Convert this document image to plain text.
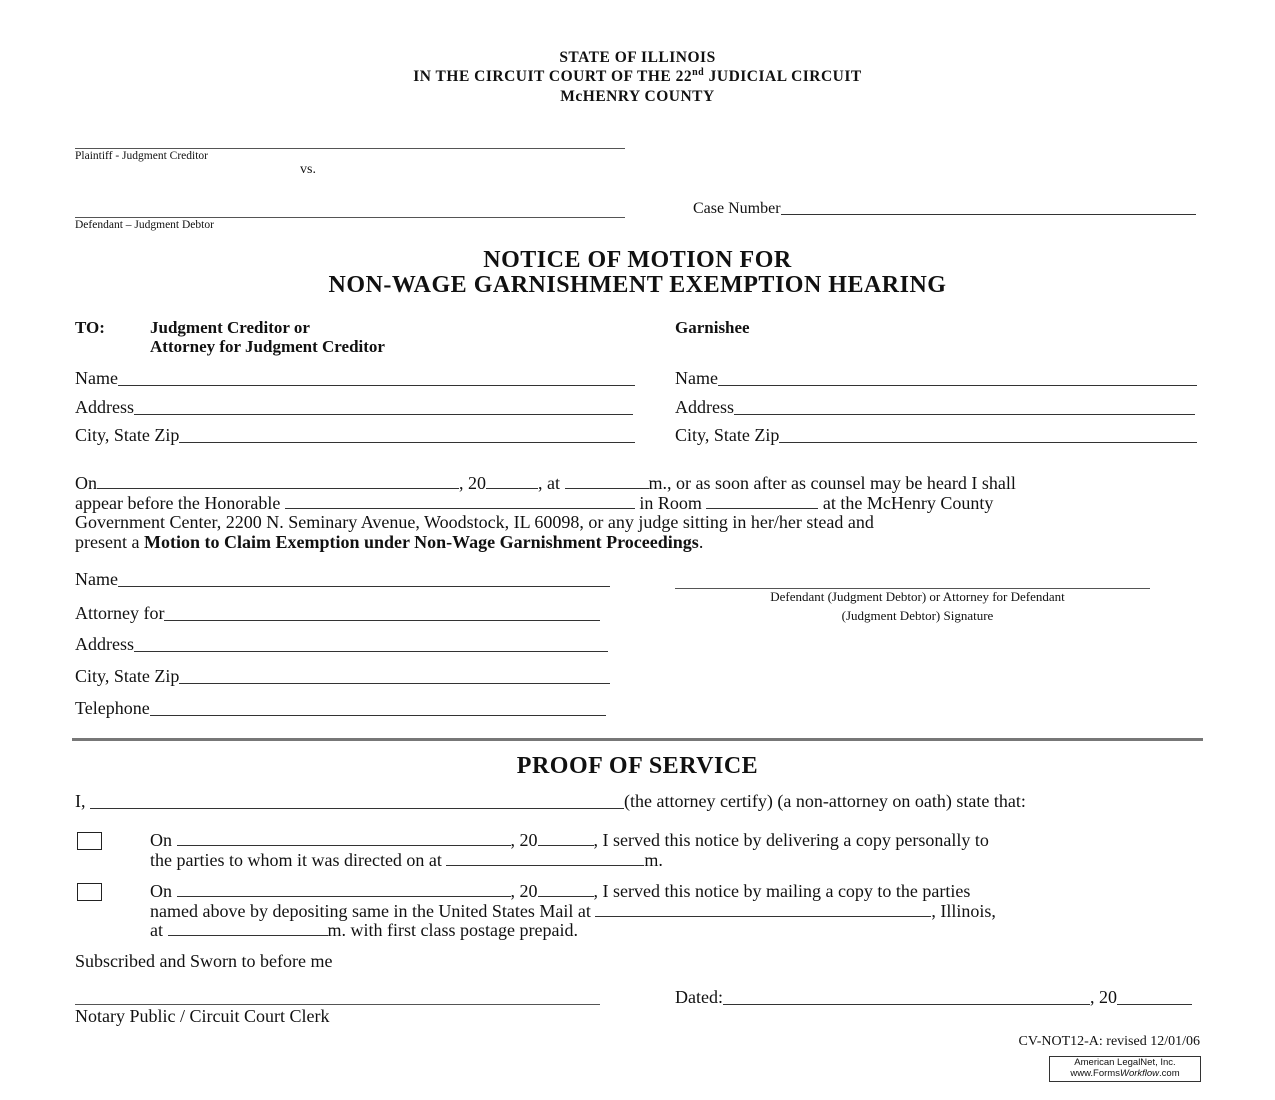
STATE OF ILLINOIS
IN THE CIRCUIT COURT OF THE 22nd JUDICIAL CIRCUIT
McHENRY COUNTY
Plaintiff - Judgment Creditor
vs.
Defendant – Judgment Debtor
Case Number
NOTICE OF MOTION FOR
NON-WAGE GARNISHMENT EXEMPTION HEARING
TO:	Judgment Creditor or
Attorney for Judgment Creditor
Garnishee
Name
Address
City, State Zip
Name
Address
City, State Zip
On	, 20	, at	m., or as soon after as counsel may be heard I shall
appear before the Honorable	in Room	at the McHenry County
Government Center, 2200 N. Seminary Avenue, Woodstock, IL 60098, or any judge sitting in her/her stead and
present a Motion to Claim Exemption under Non-Wage Garnishment Proceedings.
Name
Attorney for
Address
City, State Zip
Telephone
Defendant (Judgment Debtor) or Attorney for Defendant
(Judgment Debtor) Signature
PROOF OF SERVICE
I,
	(the attorney certify) (a non-attorney on oath) state that:
On	, 20	, I served this notice by delivering a copy personally to
the parties to whom it was directed on at	m.
On	, 20	, I served this notice by mailing a copy to the parties
named above by depositing same in the United States Mail at	, Illinois,
at	m. with first class postage prepaid.
Subscribed and Sworn to before me
Notary Public / Circuit Court Clerk
Dated:	, 20
CV-NOT12-A: revised 12/01/06
American LegalNet, Inc.
www.FormsWorkflow.com
